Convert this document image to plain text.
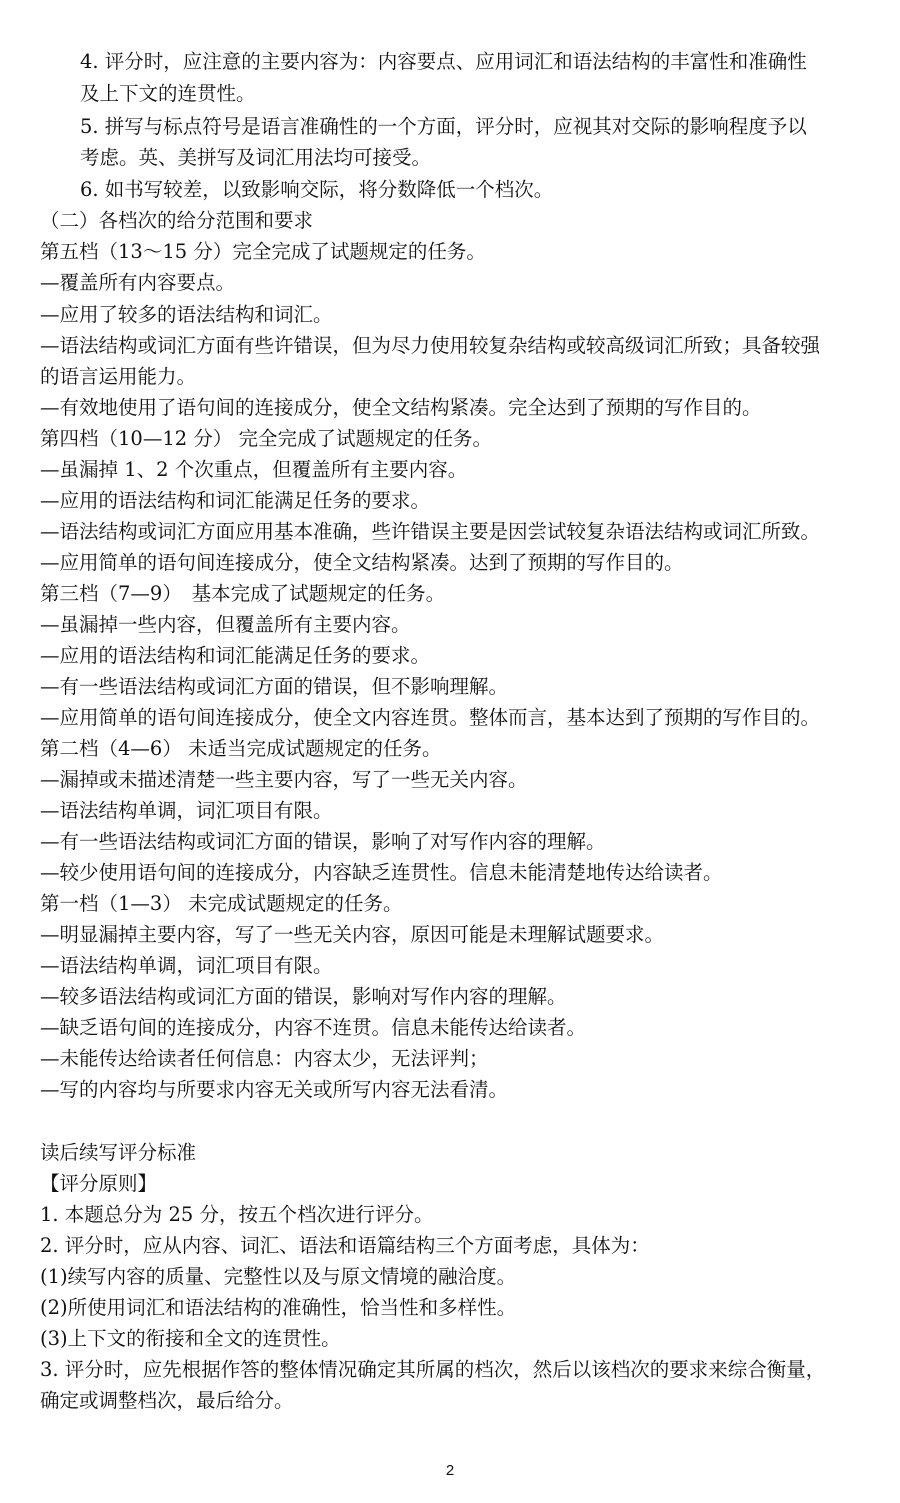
4. 评分时，应注意的主要内容为：内容要点、应用词汇和语法结构的丰富性和准确性
及上下文的连贯性。
5. 拼写与标点符号是语言准确性的一个方面，评分时，应视其对交际的影响程度予以
考虑。英、美拼写及词汇用法均可接受。
6. 如书写较差，以致影响交际，将分数降低一个档次。
（二）各档次的给分范围和要求
第五档（13～15 分）完全完成了试题规定的任务。
—覆盖所有内容要点。
—应用了较多的语法结构和词汇。
—语法结构或词汇方面有些许错误，但为尽力使用较复杂结构或较高级词汇所致；具备较强
的语言运用能力。
—有效地使用了语句间的连接成分，使全文结构紧凑。完全达到了预期的写作目的。
第四档（10—12 分） 完全完成了试题规定的任务。
—虽漏掉 1、2 个次重点，但覆盖所有主要内容。
—应用的语法结构和词汇能满足任务的要求。
—语法结构或词汇方面应用基本准确，些许错误主要是因尝试较复杂语法结构或词汇所致。
—应用简单的语句间连接成分，使全文结构紧凑。达到了预期的写作目的。
第三档（7—9）　基本完成了试题规定的任务。
—虽漏掉一些内容，但覆盖所有主要内容。
—应用的语法结构和词汇能满足任务的要求。
—有一些语法结构或词汇方面的错误，但不影响理解。
—应用简单的语句间连接成分，使全文内容连贯。整体而言，基本达到了预期的写作目的。
第二档（4—6） 未适当完成试题规定的任务。
—漏掉或未描述清楚一些主要内容，写了一些无关内容。
—语法结构单调，词汇项目有限。
—有一些语法结构或词汇方面的错误，影响了对写作内容的理解。
—较少使用语句间的连接成分，内容缺乏连贯性。信息未能清楚地传达给读者。
第一档（1—3） 未完成试题规定的任务。
—明显漏掉主要内容，写了一些无关内容，原因可能是未理解试题要求。
—语法结构单调，词汇项目有限。
—较多语法结构或词汇方面的错误，影响对写作内容的理解。
—缺乏语句间的连接成分，内容不连贯。信息未能传达给读者。
—未能传达给读者任何信息：内容太少，无法评判；
—写的内容均与所要求内容无关或所写内容无法看清。
读后续写评分标准
【评分原则】
1. 本题总分为 25 分，按五个档次进行评分。
2. 评分时，应从内容、词汇、语法和语篇结构三个方面考虑，具体为：
(1)续写内容的质量、完整性以及与原文情境的融洽度。
(2)所使用词汇和语法结构的准确性，恰当性和多样性。
(3)上下文的衔接和全文的连贯性。
3. 评分时，应先根据作答的整体情况确定其所属的档次，然后以该档次的要求来综合衡量，
确定或调整档次，最后给分。
2
